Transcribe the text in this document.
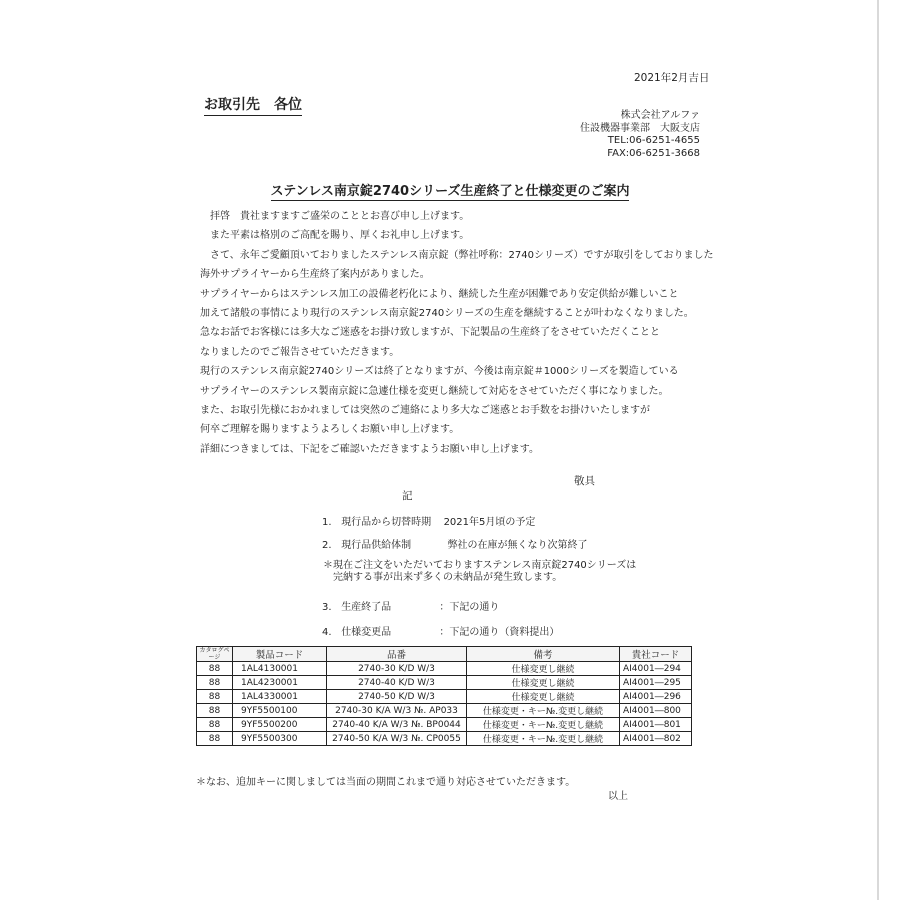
2021年2月吉日
お取引先　各位
株式会社アルファ
住設機器事業部　大阪支店
TEL:06-6251-4655
FAX:06-6251-3668
ステンレス南京錠2740シリーズ生産終了と仕様変更のご案内
　拝啓　貴社ますますご盛栄のこととお喜び申し上げます。
　また平素は格別のご高配を賜り、厚くお礼申し上げます。
　さて、永年ご愛顧頂いておりましたステンレス南京錠（弊社呼称：2740シリーズ）ですが取引をしておりました
海外サプライヤーから生産終了案内がありました。
サプライヤーからはステンレス加工の設備老朽化により、継続した生産が困難であり安定供給が難しいこと
加えて諸般の事情により現行のステンレス南京錠2740シリーズの生産を継続することが叶わなくなりました。
急なお話でお客様には多大なご迷惑をお掛け致しますが、下記製品の生産終了をさせていただくことと
なりましたのでご報告させていただきます。
現行のステンレス南京錠2740シリーズは終了となりますが、今後は南京錠＃1000シリーズを製造している
サプライヤーのステンレス製南京錠に急遽仕様を変更し継続して対応をさせていただく事になりました。
また、お取引先様におかれましては突然のご連絡により多大なご迷惑とお手数をお掛けいたしますが
何卒ご理解を賜りますようよろしくお願い申し上げます。
詳細につきましては、下記をご確認いただきますようお願い申し上げます。
敬具
記
1. 現行品から切替時期 2021年5月頃の予定
2. 現行品供給体制	弊社の在庫が無くなり次第終了
＊現在ご注文をいただいておりますステンレス南京錠2740シリーズは
　完納する事が出来ず多くの未納品が発生致します。
3. 生産終了品	：下記の通り
4. 仕様変更品	：下記の通り（資料提出）
カタログページ	製品コード	品番	備考	貴社コード
88	1AL4130001	2740-30 K/D W/3	仕様変更し継続	AI4001―294
88	1AL4230001	2740-40 K/D W/3	仕様変更し継続	AI4001―295
88	1AL4330001	2740-50 K/D W/3	仕様変更し継続	AI4001―296
88	9YF5500100	2740-30 K/A W/3 №. AP033	仕様変更・キー№.変更し継続	AI4001―800
88	9YF5500200	2740-40 K/A W/3 №. BP0044	仕様変更・キー№.変更し継続	AI4001―801
88	9YF5500300	2740-50 K/A W/3 №. CP0055	仕様変更・キー№.変更し継続	AI4001―802
＊なお、追加キーに関しましては当面の期間これまで通り対応させていただきます。
以上
